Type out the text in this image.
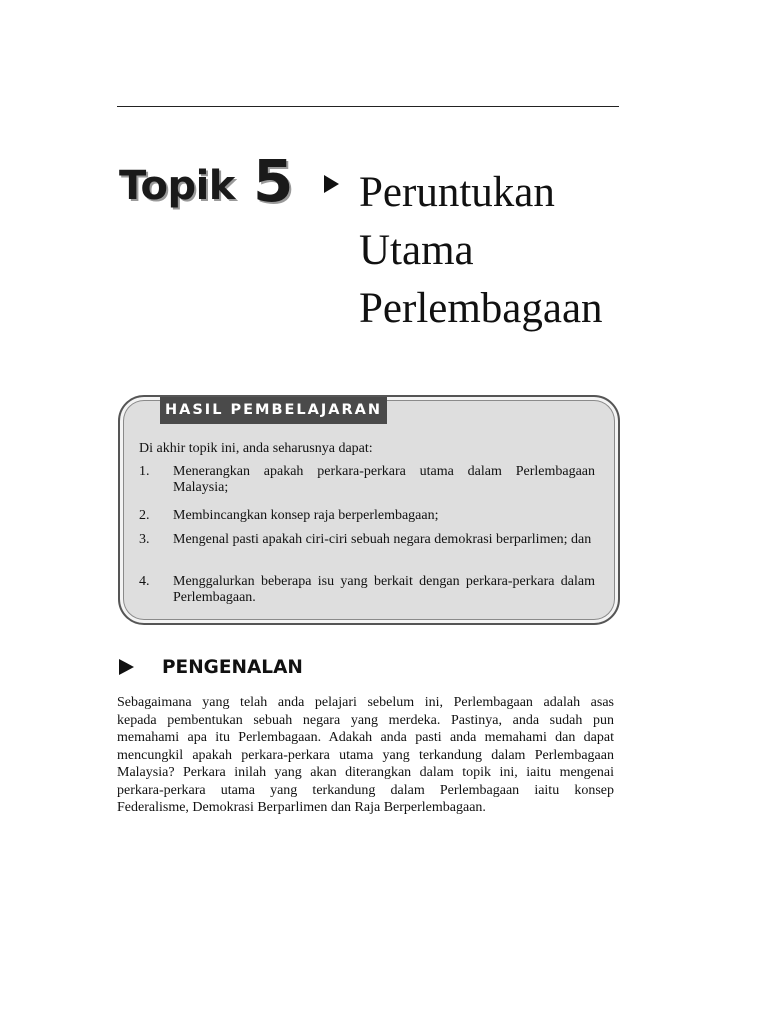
Topik 5 Peruntukan
Utama
Perlembagaan
HASIL PEMBELAJARAN
Di akhir topik ini, anda seharusnya dapat:
1. Menerangkan apakah perkara-perkara utama dalam Perlembagaan Malaysia;
2. Membincangkan konsep raja berperlembagaan;
3. Mengenal pasti apakah ciri-ciri sebuah negara demokrasi berparlimen; dan
4. Menggalurkan beberapa isu yang berkait dengan perkara-perkara dalam Perlembagaan.
PENGENALAN
Sebagaimana yang telah anda pelajari sebelum ini, Perlembagaan adalah asas
kepada pembentukan sebuah negara yang merdeka. Pastinya, anda sudah pun
memahami apa itu Perlembagaan. Adakah anda pasti anda memahami dan dapat
mencungkil apakah perkara-perkara utama yang terkandung dalam Perlembagaan
Malaysia? Perkara inilah yang akan diterangkan dalam topik ini, iaitu mengenai
perkara-perkara utama yang terkandung dalam Perlembagaan iaitu konsep
Federalisme, Demokrasi Berparlimen dan Raja Berperlembagaan.
